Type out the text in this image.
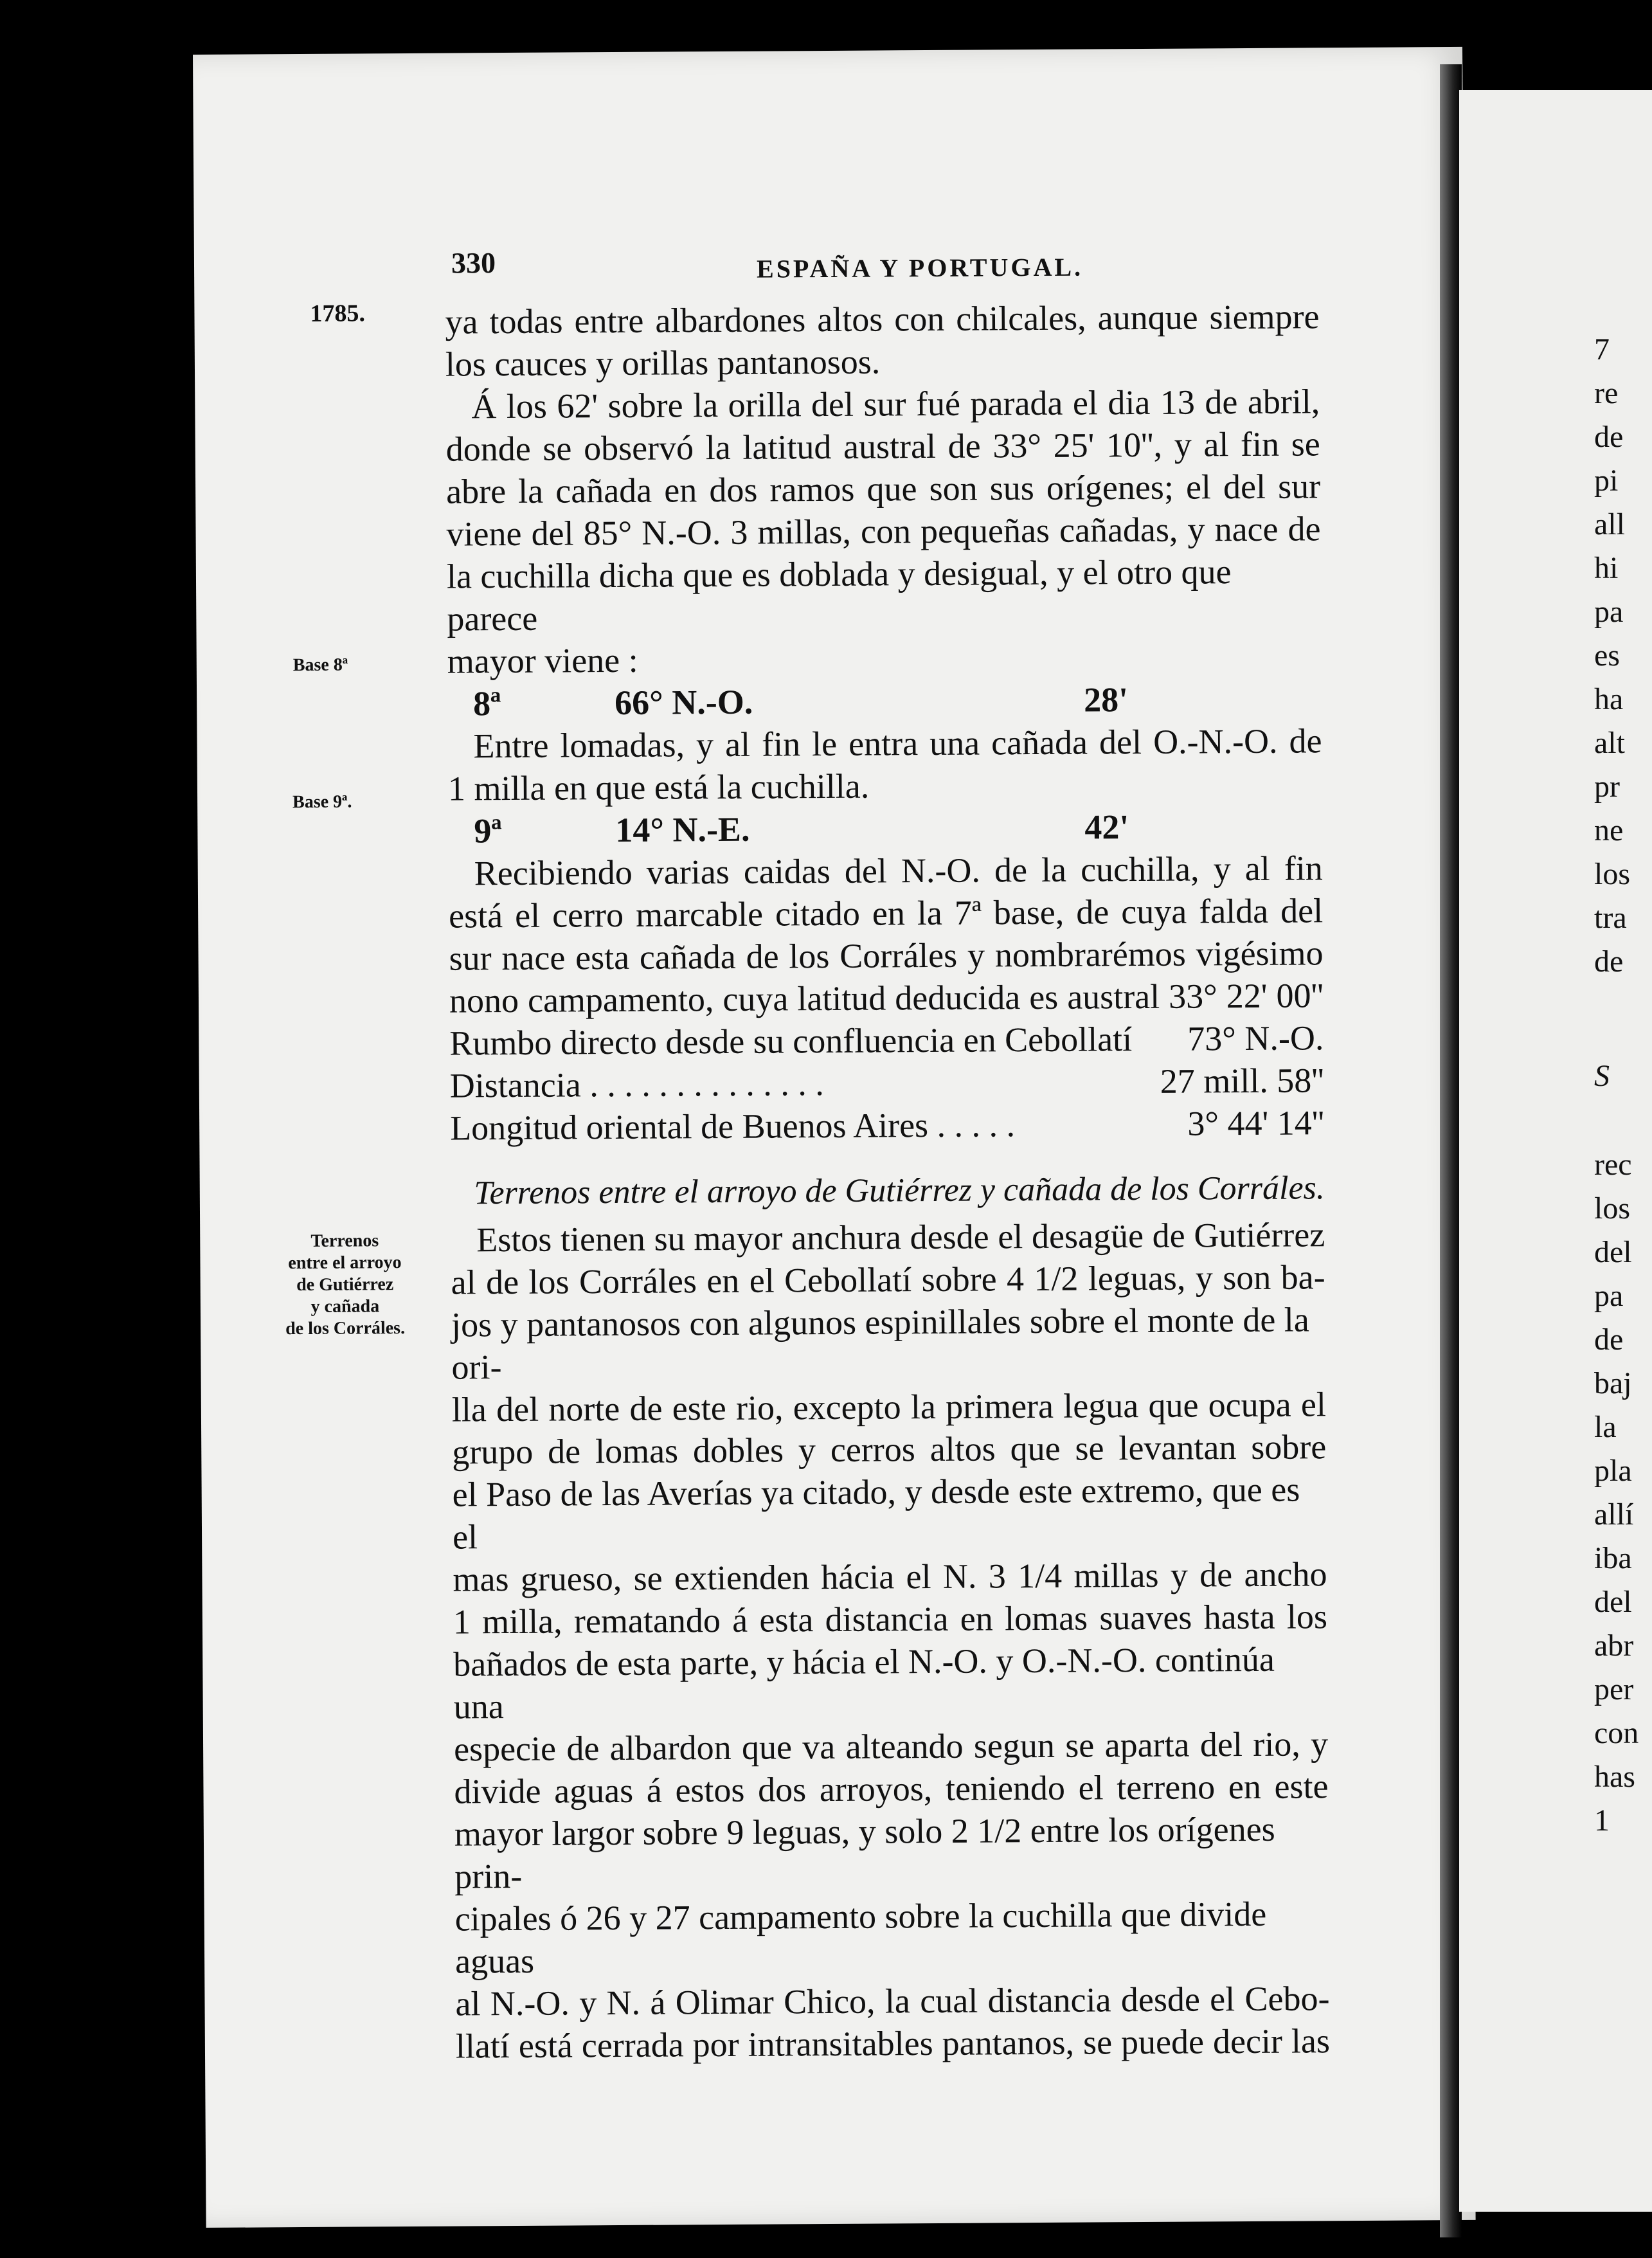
330	ESPAÑA Y PORTUGAL.
1785.
Base 8ª
Base 9ª.
Terrenos
entre el arroyo
de Gutiérrez
y cañada
de los Corráles.
ya todas entre albardones altos con chilcales, aunque siempre
los cauces y orillas pantanosos.
Á los 62' sobre la orilla del sur fué parada el dia 13 de abril,
donde se observó la latitud austral de 33° 25' 10'', y al fin se
abre la cañada en dos ramos que son sus orígenes; el del sur
viene del 85° N.-O. 3 millas, con pequeñas cañadas, y nace de
la cuchilla dicha que es doblada y desigual, y el otro que parece
mayor viene :
8ª	66° N.-O.	28'
Entre lomadas, y al fin le entra una cañada del O.-N.-O. de
1 milla en que está la cuchilla.
9ª	14° N.-E.	42'
Recibiendo varias caidas del N.-O. de la cuchilla, y al fin
está el cerro marcable citado en la 7ª base, de cuya falda del
sur nace esta cañada de los Corráles y nombrarémos vigésimo
nono campamento, cuya latitud deducida es austral 33° 22' 00''
Rumbo directo desde su confluencia en Cebollatí 73° N.-O.
Distancia . . . . . . . . . . . . . .	27 mill. 58''
Longitud oriental de Buenos Aires . . . . .	3° 44' 14''
Terrenos entre el arroyo de Gutiérrez y cañada de los Corráles.
Estos tienen su mayor anchura desde el desagüe de Gutiérrez
al de los Corráles en el Cebollatí sobre 4 1/2 leguas, y son ba-
jos y pantanosos con algunos espinillales sobre el monte de la ori-
lla del norte de este rio, excepto la primera legua que ocupa el
grupo de lomas dobles y cerros altos que se levantan sobre
el Paso de las Averías ya citado, y desde este extremo, que es el
mas grueso, se extienden hácia el N. 3 1/4 millas y de ancho
1 milla, rematando á esta distancia en lomas suaves hasta los
bañados de esta parte, y hácia el N.-O. y O.-N.-O. continúa una
especie de albardon que va alteando segun se aparta del rio, y
divide aguas á estos dos arroyos, teniendo el terreno en este
mayor largor sobre 9 leguas, y solo 2 1/2 entre los orígenes prin-
cipales ó 26 y 27 campamento sobre la cuchilla que divide aguas
al N.-O. y N. á Olimar Chico, la cual distancia desde el Cebo-
llatí está cerrada por intransitables pantanos, se puede decir las
7
re
de
pi
all
hi
pa
es
ha
alt
pr
ne
los
tra
de
S
rec
los
del
pa
de
baj
la
pla
allí
iba
del
abr
per
con
has
1
